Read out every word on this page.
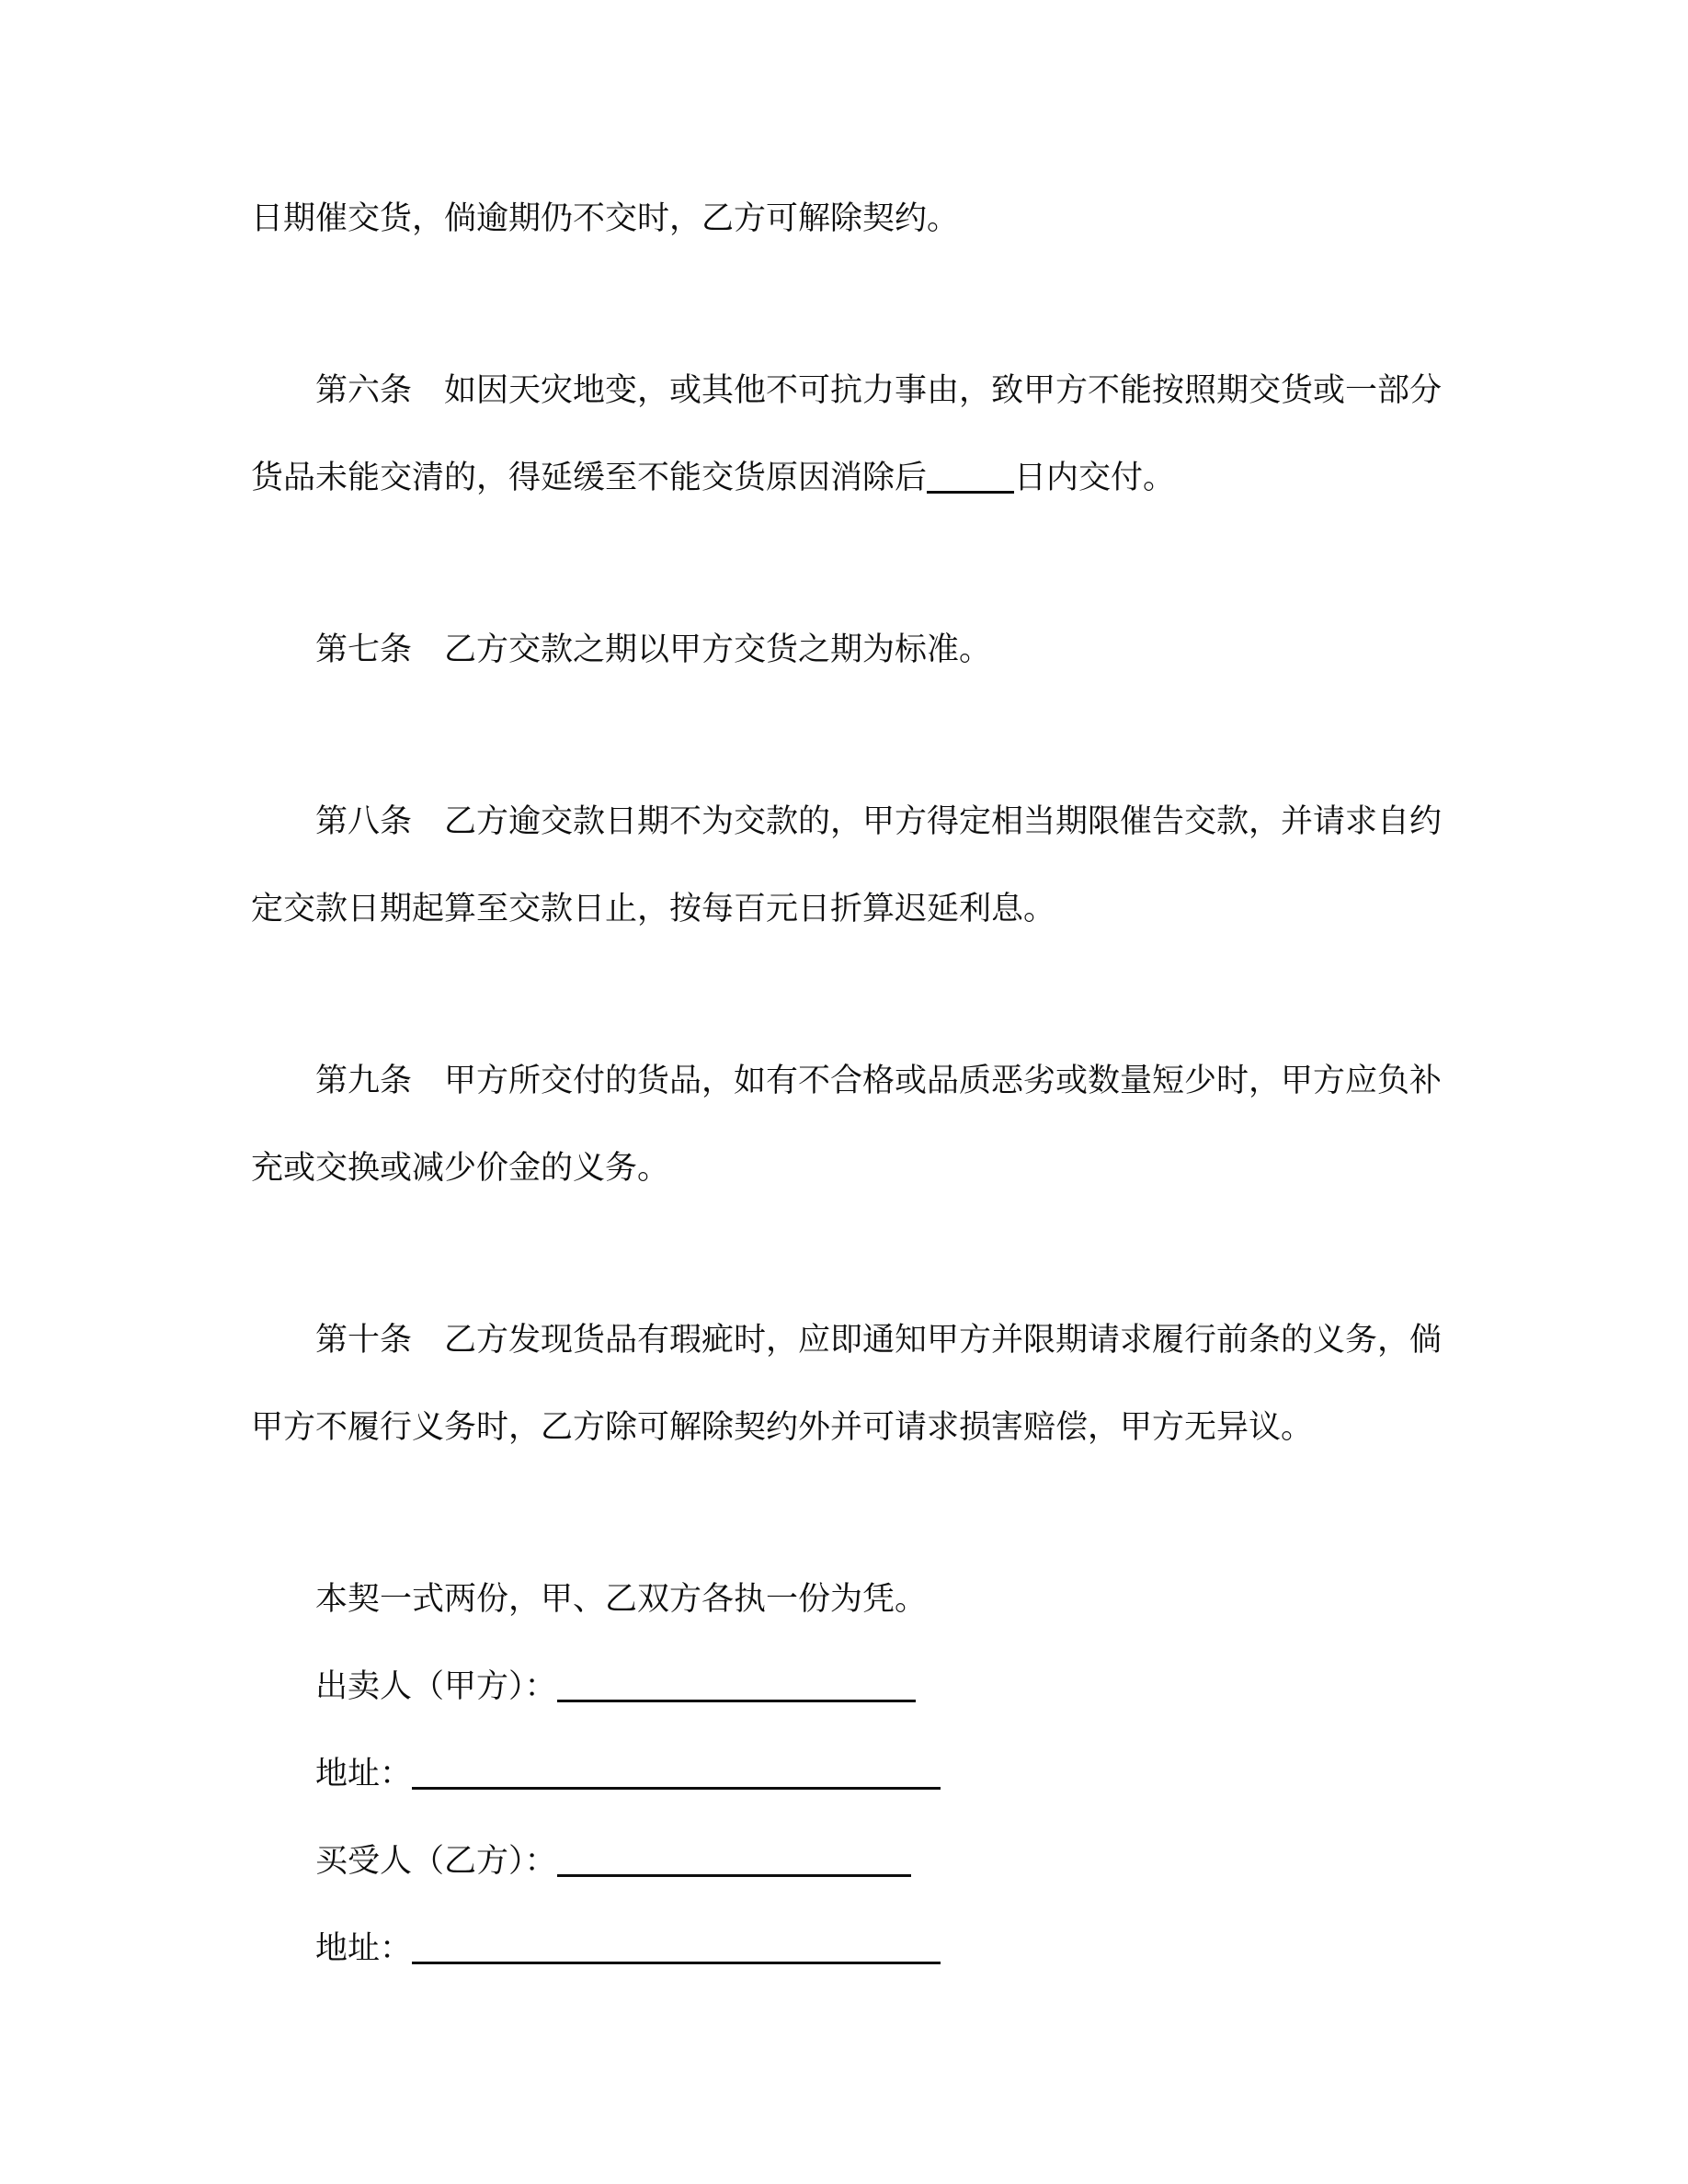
日期催交货，倘逾期仍不交时，乙方可解除契约。
第六条　如因天灾地变，或其他不可抗力事由，致甲方不能按照期交货或一部分
货品未能交清的，得延缓至不能交货原因消除后	日内交付。
第七条　乙方交款之期以甲方交货之期为标准。
第八条　乙方逾交款日期不为交款的，甲方得定相当期限催告交款，并请求自约
定交款日期起算至交款日止，按每百元日折算迟延利息。
第九条　甲方所交付的货品，如有不合格或品质恶劣或数量短少时，甲方应负补
充或交换或减少价金的义务。
第十条　乙方发现货品有瑕疵时，应即通知甲方并限期请求履行前条的义务，倘
甲方不履行义务时，乙方除可解除契约外并可请求损害赔偿，甲方无异议。
本契一式两份，甲、乙双方各执一份为凭。
出卖人（甲方）：
地址：
买受人（乙方）：
地址：
